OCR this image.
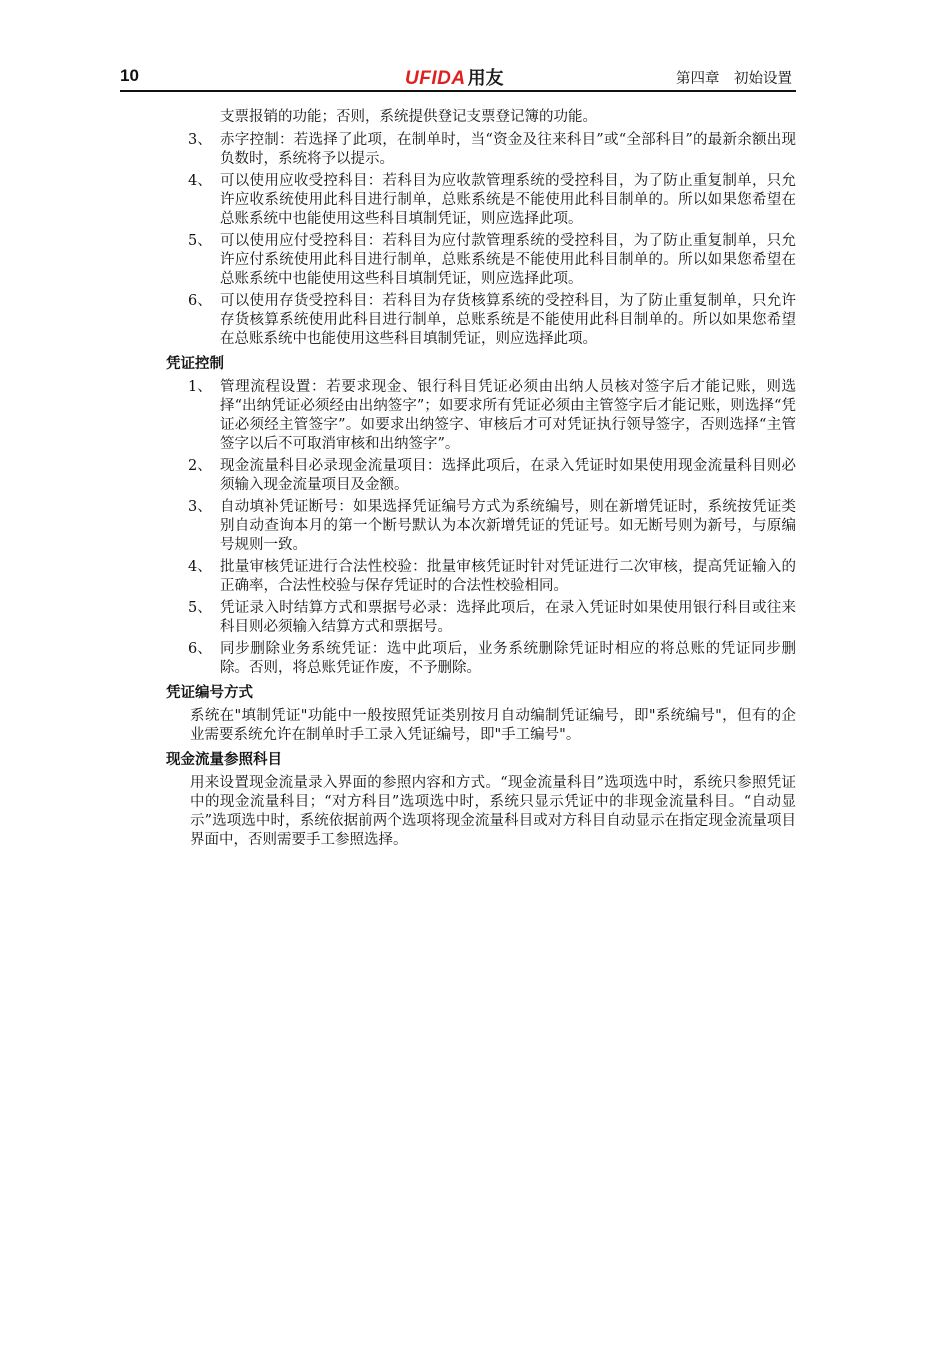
10	UFIDA 用友	第四章　初始设置
支票报销的功能；否则，系统提供登记支票登记簿的功能。
3、 赤字控制：若选择了此项，在制单时，当“资金及往来科目”或“全部科目”的最新余额出现负数时，系统将予以提示。
4、 可以使用应收受控科目：若科目为应收款管理系统的受控科目，为了防止重复制单，只允许应收系统使用此科目进行制单，总账系统是不能使用此科目制单的。所以如果您希望在总账系统中也能使用这些科目填制凭证，则应选择此项。
5、 可以使用应付受控科目：若科目为应付款管理系统的受控科目，为了防止重复制单，只允许应付系统使用此科目进行制单，总账系统是不能使用此科目制单的。所以如果您希望在总账系统中也能使用这些科目填制凭证，则应选择此项。
6、 可以使用存货受控科目：若科目为存货核算系统的受控科目，为了防止重复制单，只允许存货核算系统使用此科目进行制单，总账系统是不能使用此科目制单的。所以如果您希望在总账系统中也能使用这些科目填制凭证，则应选择此项。
凭证控制
1、 管理流程设置：若要求现金、银行科目凭证必须由出纳人员核对签字后才能记账，则选择“出纳凭证必须经由出纳签字”；如要求所有凭证必须由主管签字后才能记账，则选择“凭证必须经主管签字”。如要求出纳签字、审核后才可对凭证执行领导签字，否则选择“主管签字以后不可取消审核和出纳签字”。
2、 现金流量科目必录现金流量项目：选择此项后，在录入凭证时如果使用现金流量科目则必须输入现金流量项目及金额。
3、 自动填补凭证断号：如果选择凭证编号方式为系统编号，则在新增凭证时，系统按凭证类别自动查询本月的第一个断号默认为本次新增凭证的凭证号。如无断号则为新号，与原编号规则一致。
4、 批量审核凭证进行合法性校验：批量审核凭证时针对凭证进行二次审核，提高凭证输入的正确率，合法性校验与保存凭证时的合法性校验相同。
5、 凭证录入时结算方式和票据号必录：选择此项后，在录入凭证时如果使用银行科目或往来科目则必须输入结算方式和票据号。
6、 同步删除业务系统凭证：选中此项后，业务系统删除凭证时相应的将总账的凭证同步删除。否则，将总账凭证作废，不予删除。
凭证编号方式
系统在"填制凭证"功能中一般按照凭证类别按月自动编制凭证编号，即"系统编号"，但有的企业需要系统允许在制单时手工录入凭证编号，即"手工编号"。
现金流量参照科目
用来设置现金流量录入界面的参照内容和方式。“现金流量科目”选项选中时，系统只参照凭证中的现金流量科目；“对方科目”选项选中时，系统只显示凭证中的非现金流量科目。“自动显示”选项选中时，系统依据前两个选项将现金流量科目或对方科目自动显示在指定现金流量项目界面中，否则需要手工参照选择。
